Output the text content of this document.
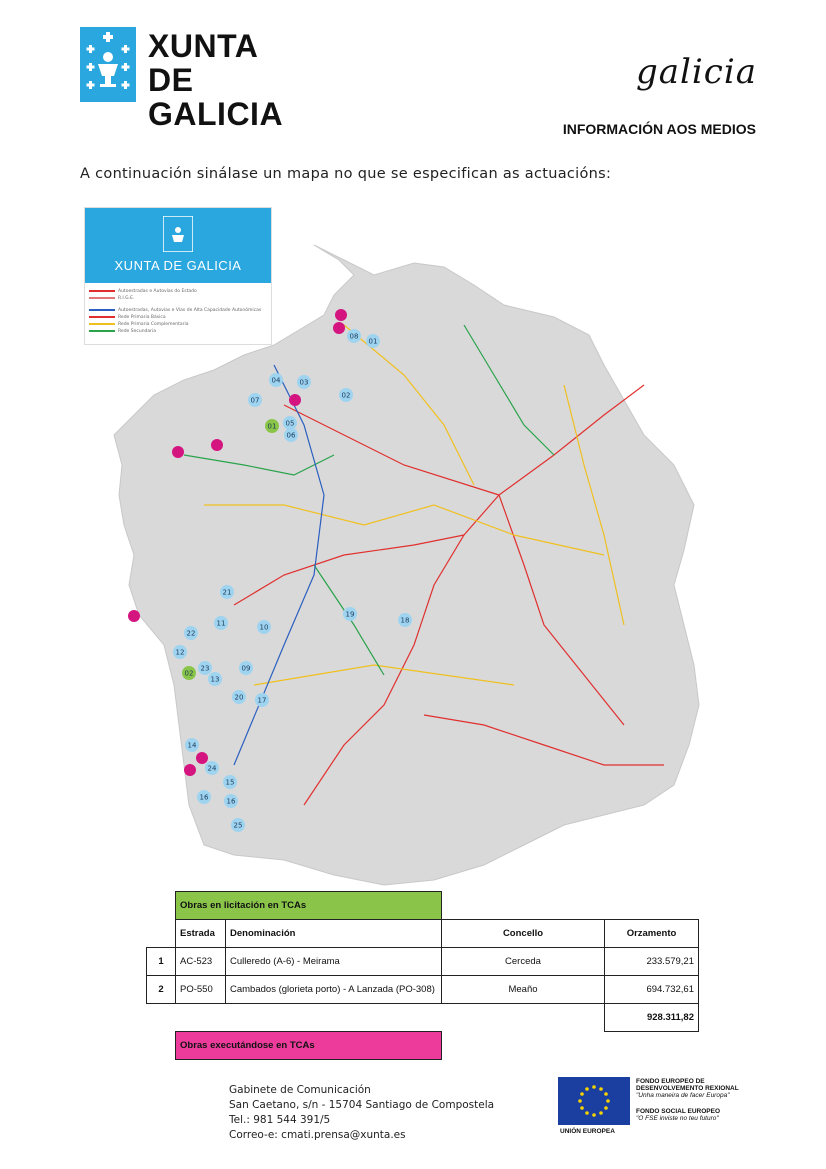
XUNTA
DE GALICIA
galicia
INFORMACIÓN AOS MEDIOS
A continuación sinálase un mapa no que se especifican as actuacións:
01
08
04	03
07
02
01 05
06
21
11	10
19
18
22
12
23	09
02
13
20 17
14
24
15
16	16
25
XUNTA DE GALICIA
Autoestradas e Autovías do Estado
R.I.G.E.
Autoestradas, Autovías e Vías de Alta Capacidade Autonómicas
Rede Primaria Básica
Rede Primaria Complementaria
Rede Secundaria
	Obras en licitación en TCAs			
	Estrada	Denominación	Concello	Orzamento
1	AC-523	Culleredo (A-6) - Meirama	Cerceda	233.579,21
2	PO-550	Cambados (glorieta porto) - A Lanzada (PO-308)	Meaño	694.732,61
				928.311,82
	Obras executándose en TCAs			
Gabinete de Comunicación
San Caetano, s/n - 15704 Santiago de Compostela
Tel.: 981 544 391/5
Correo-e: cmati.prensa@xunta.es	UNIÓN EUROPEA
FONDO EUROPEO DE DESENVOLVEMENTO REXIONAL
"Unha maneira de facer Europa"
FONDO SOCIAL EUROPEO
"O FSE inviste no teu futuro"
